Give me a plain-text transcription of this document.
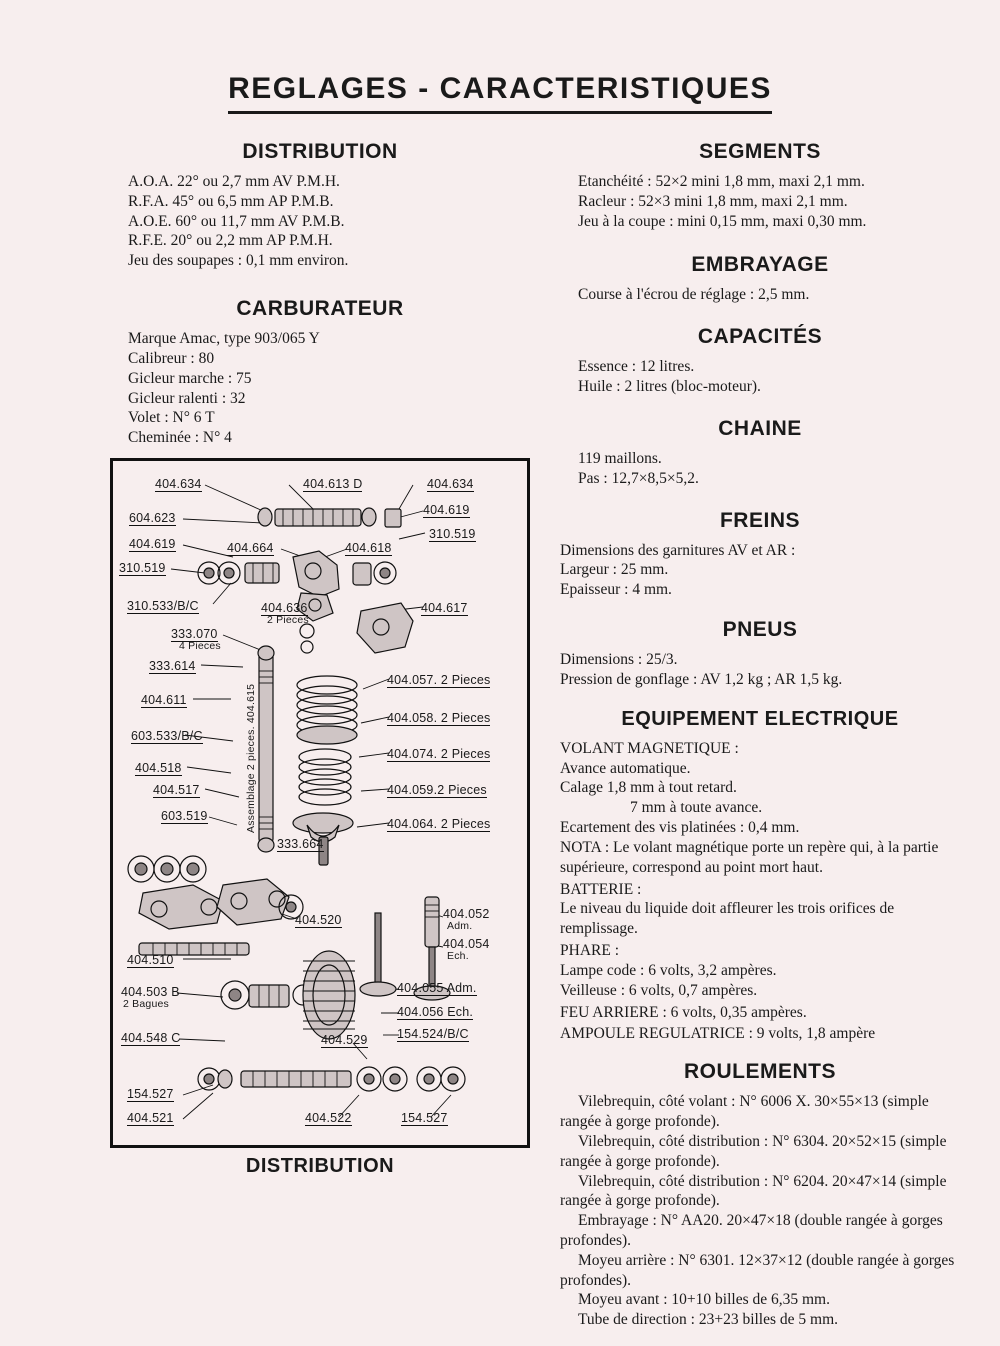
REGLAGES - CARACTERISTIQUES
DISTRIBUTION
A.O.A. 22° ou 2,7 mm AV P.M.H.
R.F.A. 45° ou 6,5 mm AP P.M.B.
A.O.E. 60° ou 11,7 mm AV P.M.B.
R.F.E. 20° ou 2,2 mm AP P.M.H.
Jeu des soupapes : 0,1 mm environ.
CARBURATEUR
Marque Amac, type 903/065 Y
Calibreur : 80
Gicleur marche : 75
Gicleur ralenti : 32
Volet : N° 6 T
Cheminée : N° 4
404.634	404.613 D	404.634
404.619
604.623
310.519
404.619	404.664	404.618
310.519
310.533/B/C	404.636
2 Pieces
404.617
333.070
4 Pieces
333.614
404.057. 2 Pieces
404.611
404.058. 2 Pieces
603.533/B/C
404.074. 2 Pieces
404.518
404.517	404.059.2 Pieces
603.519
404.064. 2 Pieces
333.664
Assemblage 2 pieces. 404.615
404.520	404.052
Adm.
404.054
Ech.
404.510
404.503 B
2 Bagues
404.055 Adm.
404.056 Ech.
154.524/B/C
404.548 C	404.529
154.527
404.521	404.522	154.527
DISTRIBUTION
SEGMENTS
Etanchéité : 52×2 mini 1,8 mm, maxi 2,1 mm.
Racleur : 52×3 mini 1,8 mm, maxi 2,1 mm.
Jeu à la coupe : mini 0,15 mm, maxi 0,30 mm.
EMBRAYAGE
Course à l'écrou de réglage : 2,5 mm.
CAPACITÉS
Essence : 12 litres.
Huile : 2 litres (bloc-moteur).
CHAINE
119 maillons.
Pas : 12,7×8,5×5,2.
FREINS
Dimensions des garnitures AV et AR :
Largeur : 25 mm.
Epaisseur : 4 mm.
PNEUS
Dimensions : 25/3.
Pression de gonflage : AV 1,2 kg ; AR 1,5 kg.
EQUIPEMENT ELECTRIQUE
VOLANT MAGNETIQUE :
Avance automatique.
Calage 1,8 mm à tout retard.
7 mm à toute avance.
Ecartement des vis platinées : 0,4 mm.
NOTA : Le volant magnétique porte un repère qui, à la partie supérieure, correspond au point mort haut.
BATTERIE :
Le niveau du liquide doit affleurer les trois orifices de remplissage.
PHARE :
Lampe code : 6 volts, 3,2 ampères.
Veilleuse : 6 volts, 0,7 ampères.
FEU ARRIERE : 6 volts, 0,35 ampères.
AMPOULE REGULATRICE : 9 volts, 1,8 ampère
ROULEMENTS
Vilebrequin, côté volant : N° 6006 X. 30×55×13 (simple rangée à gorge profonde).
Vilebrequin, côté distribution : N° 6304. 20×52×15 (simple rangée à gorge profonde).
Vilebrequin, côté distribution : N° 6204. 20×47×14 (simple rangée à gorge profonde).
Embrayage : N° AA20. 20×47×18 (double rangée à gorges profondes).
Moyeu arrière : N° 6301. 12×37×12 (double rangée à gorges profondes).
Moyeu avant : 10+10 billes de 6,35 mm.
Tube de direction : 23+23 billes de 5 mm.
